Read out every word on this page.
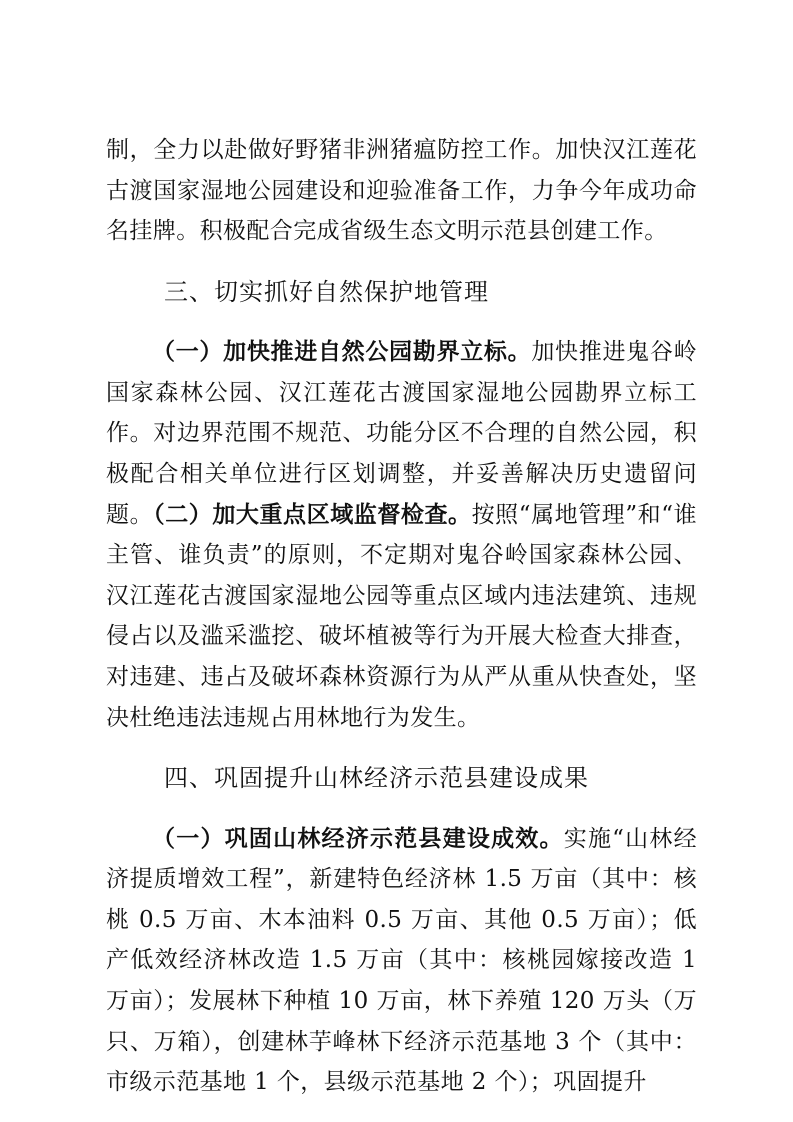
制，全力以赴做好野猪非洲猪瘟防控工作。加快汉江莲花古渡国家湿地公园建设和迎验准备工作，力争今年成功命名挂牌。积极配合完成省级生态文明示范县创建工作。

三、切实抓好自然保护地管理

（一）加快推进自然公园勘界立标。加快推进鬼谷岭国家森林公园、汉江莲花古渡国家湿地公园勘界立标工作。对边界范围不规范、功能分区不合理的自然公园，积极配合相关单位进行区划调整，并妥善解决历史遗留问题。（二）加大重点区域监督检查。按照“属地管理”和“谁主管、谁负责”的原则，不定期对鬼谷岭国家森林公园、汉江莲花古渡国家湿地公园等重点区域内违法建筑、违规侵占以及滥采滥挖、破坏植被等行为开展大检查大排查，对违建、违占及破坏森林资源行为从严从重从快查处，坚决杜绝违法违规占用林地行为发生。

四、巩固提升山林经济示范县建设成果

（一）巩固山林经济示范县建设成效。实施“山林经济提质增效工程”，新建特色经济林 1.5 万亩（其中：核桃 0.5 万亩、木本油料 0.5 万亩、其他 0.5 万亩）；低产低效经济林改造 1.5 万亩（其中：核桃园嫁接改造 1 万亩）；发展林下种植 10 万亩，林下养殖 120 万头（万只、万箱），创建林芋峰林下经济示范基地 3 个（其中：市级示范基地 1 个，县级示范基地 2 个）；巩固提升
